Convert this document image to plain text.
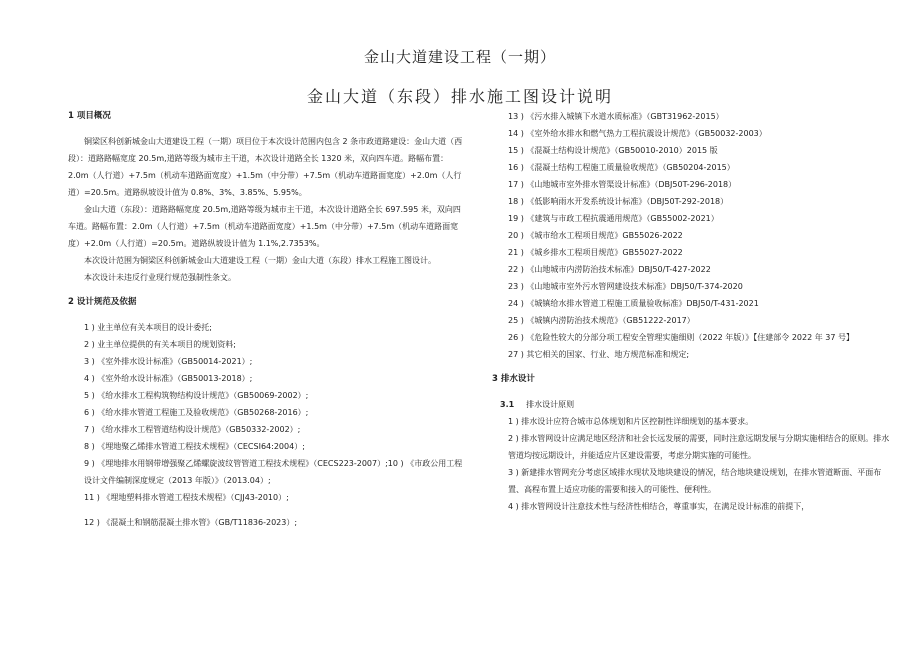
金山大道建设工程（一期）
金山大道（东段）排水施工图设计说明

1 项目概况

铜梁区科创新城金山大道建设工程（一期）项目位于本次设计范围内包含 2 条市政道路建设：金山大道（西段）：道路路幅宽度 20.5m,道路等级为城市主干道，本次设计道路全长 1320 米，双向四车道。路幅布置：2.0m（人行道）+7.5m（机动车道路面宽度）+1.5m（中分带）+7.5m（机动车道路面宽度）+2.0m（人行道）=20.5m。道路纵坡设计值为 0.8%、3%、3.85%、5.95%。

金山大道（东段）：道路路幅宽度 20.5m,道路等级为城市主干道，本次设计道路全长 697.595 米，双向四车道。路幅布置：2.0m（人行道）+7.5m（机动车道路面宽度）+1.5m（中分带）+7.5m（机动车道路面宽度）+2.0m（人行道）=20.5m。道路纵坡设计值为 1.1%,2.7353%。

本次设计范围为铜梁区科创新城金山大道建设工程（一期）金山大道（东段）排水工程施工图设计。

本次设计未违反行业现行规范强制性条文。

2 设计规范及依据

1 ) 业主单位有关本项目的设计委托;

2 ) 业主单位提供的有关本项目的规划资料;

3 ) 《室外排水设计标准》（GB50014-2021）;

4 ) 《室外给水设计标准》（GB50013-2018）;

5 ) 《给水排水工程构筑物结构设计规范》（GB50069-2002）;

6 ) 《给水排水管道工程施工及验收规范》（GB50268-2016）;

7 ) 《给水排水工程管道结构设计规范》（GB50332-2002）;

8 ) 《埋地聚乙烯排水管道工程技术规程》（CECSI64:2004）;

9 ) 《埋地排水用钢带增强聚乙烯螺旋波纹管管道工程技术规程》（CECS223-2007）;10 ) 《市政公用工程设计文件编制深度规定（2013 年版）》（2013.04）;

11 ) 《埋地塑料排水管道工程技术规程》（CJJ43-2010）;

12 ) 《混凝土和钢筋混凝土排水管》（GB/T11836-2023）;

13 ) 《污水排入城镇下水道水质标准》（GBT31962-2015）

14 ) 《室外给水排水和燃气热力工程抗震设计规范》（GB50032-2003）

15 ) 《混凝土结构设计规范》（GB50010-2010）2015 版

16 ) 《混凝土结构工程施工质量验收规范》（GB50204-2015）

17 ) 《山地城市室外排水管渠设计标准》（DBJ50T-296-2018）

18 ) 《低影响雨水开发系统设计标准》（DBJ50T-292-2018）

19 ) 《建筑与市政工程抗震通用规范》（GB55002-2021）

20 ) 《城市给水工程项目规范》GB55026-2022

21 ) 《城乡排水工程项目规范》GB55027-2022

22 ) 《山地城市内涝防治技术标准》DBJ50/T-427-2022

23 ) 《山地城市室外污水管网建设技术标准》DBJ50/T-374-2020

24 ) 《城镇给水排水管道工程施工质量验收标准》DBJ50/T-431-2021

25 ) 《城镇内涝防治技术规范》（GB51222-2017）

26 ) 《危险性较大的分部分项工程安全管理实施细则（2022 年版）》【住建部令 2022 年 37 号】

27 ) 其它相关的国家、行业、地方规范标准和规定;

3 排水设计

3.1 排水设计原则

1 ) 排水设计应符合城市总体规划和片区控制性详细规划的基本要求。

2 ) 排水管网设计应满足地区经济和社会长远发展的需要，同时注意远期发展与分期实施相结合的原则。排水管道均按远期设计，并能适应片区建设需要，考虑分期实施的可能性。

3 ) 新建排水管网充分考虑区域排水现状及地块建设的情况，结合地块建设规划，在排水管道断面、平面布置、高程布置上适应功能的需要和接入的可能性、便利性。

4 ) 排水管网设计注意技术性与经济性相结合，尊重事实，在满足设计标准的前提下，
